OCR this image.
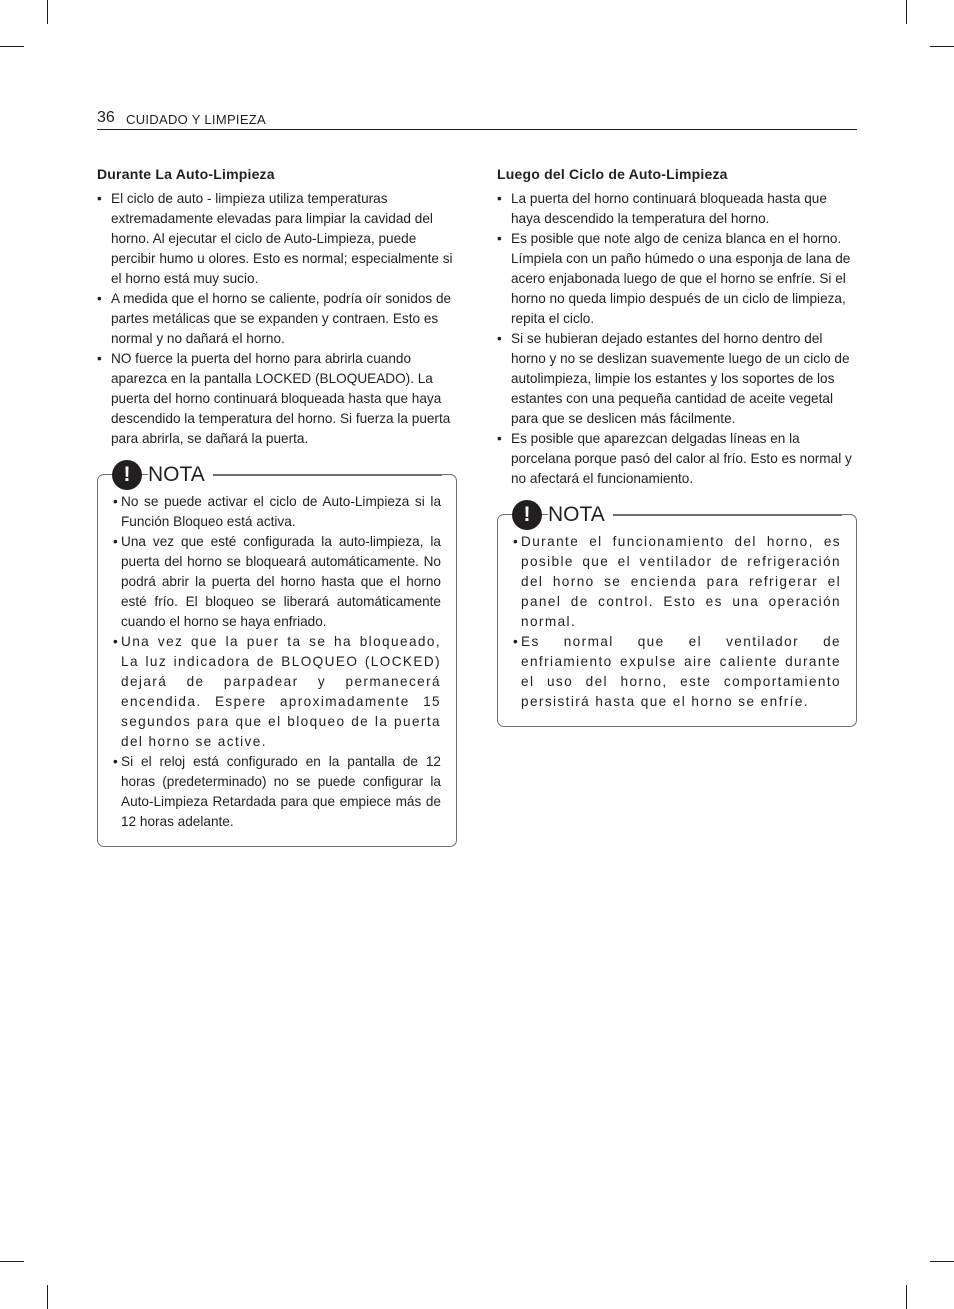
36 CUIDADO Y LIMPIEZA
Durante La Auto-Limpieza
• El ciclo de auto - limpieza utiliza temperaturas extremadamente elevadas para limpiar la cavidad del horno. Al ejecutar el ciclo de Auto-Limpieza, puede percibir humo u olores. Esto es normal; especialmente si el horno está muy sucio.
• A medida que el horno se caliente, podría oír sonidos de partes metálicas que se expanden y contraen. Esto es normal y no dañará el horno.
• NO fuerce la puerta del horno para abrirla cuando aparezca en la pantalla LOCKED (BLOQUEADO). La puerta del horno continuará bloqueada hasta que haya descendido la temperatura del horno. Si fuerza la puerta para abrirla, se dañará la puerta.
! NOTA
• No se puede activar el ciclo de Auto-Limpieza si la Función Bloqueo está activa.
• Una vez que esté configurada la auto-limpieza, la puerta del horno se bloqueará automáticamente. No podrá abrir la puerta del horno hasta que el horno esté frío. El bloqueo se liberará automáticamente cuando el horno se haya enfriado.
• Una vez que la puer ta se ha bloqueado, La luz indicadora de BLOQUEO (LOCKED) dejará de parpadear y permanecerá encendida. Espere aproximadamente 15 segundos para que el bloqueo de la puerta del horno se active.
• Si el reloj está configurado en la pantalla de 12 horas (predeterminado) no se puede configurar la Auto-Limpieza Retardada para que empiece más de 12 horas adelante.
Luego del Ciclo de Auto-Limpieza
• La puerta del horno continuará bloqueada hasta que haya descendido la temperatura del horno.
• Es posible que note algo de ceniza blanca en el horno. Límpiela con un paño húmedo o una esponja de lana de acero enjabonada luego de que el horno se enfríe. Si el horno no queda limpio después de un ciclo de limpieza, repita el ciclo.
• Si se hubieran dejado estantes del horno dentro del horno y no se deslizan suavemente luego de un ciclo de autolimpieza, limpie los estantes y los soportes de los estantes con una pequeña cantidad de aceite vegetal para que se deslicen más fácilmente.
• Es posible que aparezcan delgadas líneas en la porcelana porque pasó del calor al frío. Esto es normal y no afectará el funcionamiento.
! NOTA
• Durante el funcionamiento del horno, es posible que el ventilador de refrigeración del horno se encienda para refrigerar el panel de control. Esto es una operación normal.
• Es normal que el ventilador de enfriamiento expulse aire caliente durante el uso del horno, este comportamiento persistirá hasta que el horno se enfríe.
